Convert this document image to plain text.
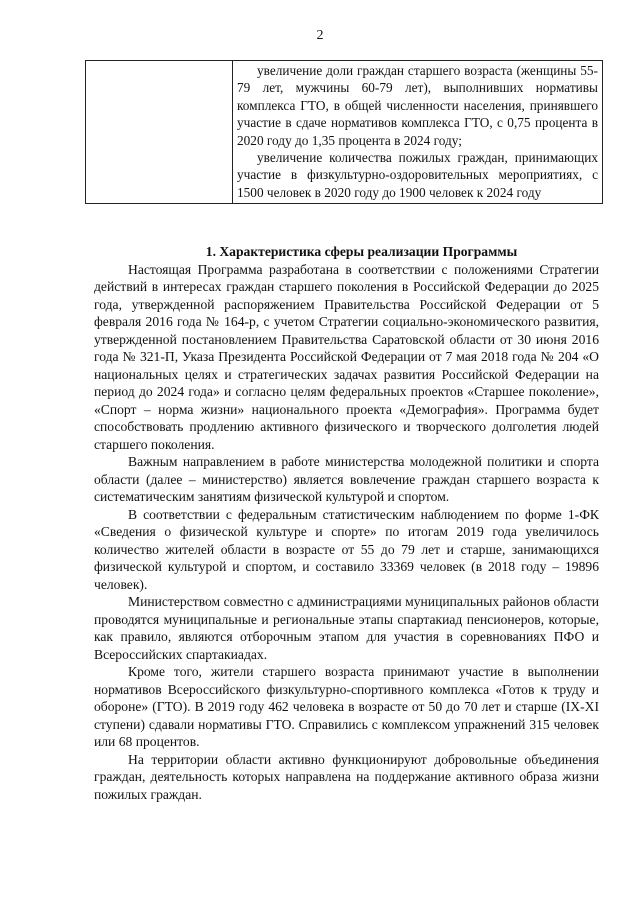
2

увеличение доли граждан старшего возраста (женщины 55-79 лет, мужчины 60-79 лет), выполнивших нормативы комплекса ГТО, в общей численности населения, принявшего участие в сдаче нормативов комплекса ГТО, с 0,75 процента в 2020 году до 1,35 процента в 2024 году;

увеличение количества пожилых граждан, принимающих участие в физкультурно-оздоровительных мероприятиях, с 1500 человек в 2020 году до 1900 человек к 2024 году

1. Характеристика сферы реализации Программы

Настоящая Программа разработана в соответствии с положениями Стратегии действий в интересах граждан старшего поколения в Российской Федерации до 2025 года, утвержденной распоряжением Правительства Российской Федерации от 5 февраля 2016 года № 164-р, с учетом Стратегии социально-экономического развития, утвержденной постановлением Правительства Саратовской области от 30 июня 2016 года № 321-П, Указа Президента Российской Федерации от 7 мая 2018 года № 204 «О национальных целях и стратегических задачах развития Российской Федерации на период до 2024 года» и согласно целям федеральных проектов «Старшее поколение», «Спорт – норма жизни» национального проекта «Демография». Программа будет способствовать продлению активного физического и творческого долголетия людей старшего поколения.

Важным направлением в работе министерства молодежной политики и спорта области (далее – министерство) является вовлечение граждан старшего возраста к систематическим занятиям физической культурой и спортом.

В соответствии с федеральным статистическим наблюдением по форме 1-ФК «Сведения о физической культуре и спорте» по итогам 2019 года увеличилось количество жителей области в возрасте от 55 до 79 лет и старше, занимающихся физической культурой и спортом, и составило 33369 человек (в 2018 году – 19896 человек).

Министерством совместно с администрациями муниципальных районов области проводятся муниципальные и региональные этапы спартакиад пенсионеров, которые, как правило, являются отборочным этапом для участия в соревнованиях ПФО и Всероссийских спартакиадах.

Кроме того, жители старшего возраста принимают участие в выполнении нормативов Всероссийского физкультурно-спортивного комплекса «Готов к труду и обороне» (ГТО). В 2019 году 462 человека в возрасте от 50 до 70 лет и старше (IX-XI ступени) сдавали нормативы ГТО. Справились с комплексом упражнений 315 человек или 68 процентов.

На территории области активно функционируют добровольные объединения граждан, деятельность которых направлена на поддержание активного образа жизни пожилых граждан.
